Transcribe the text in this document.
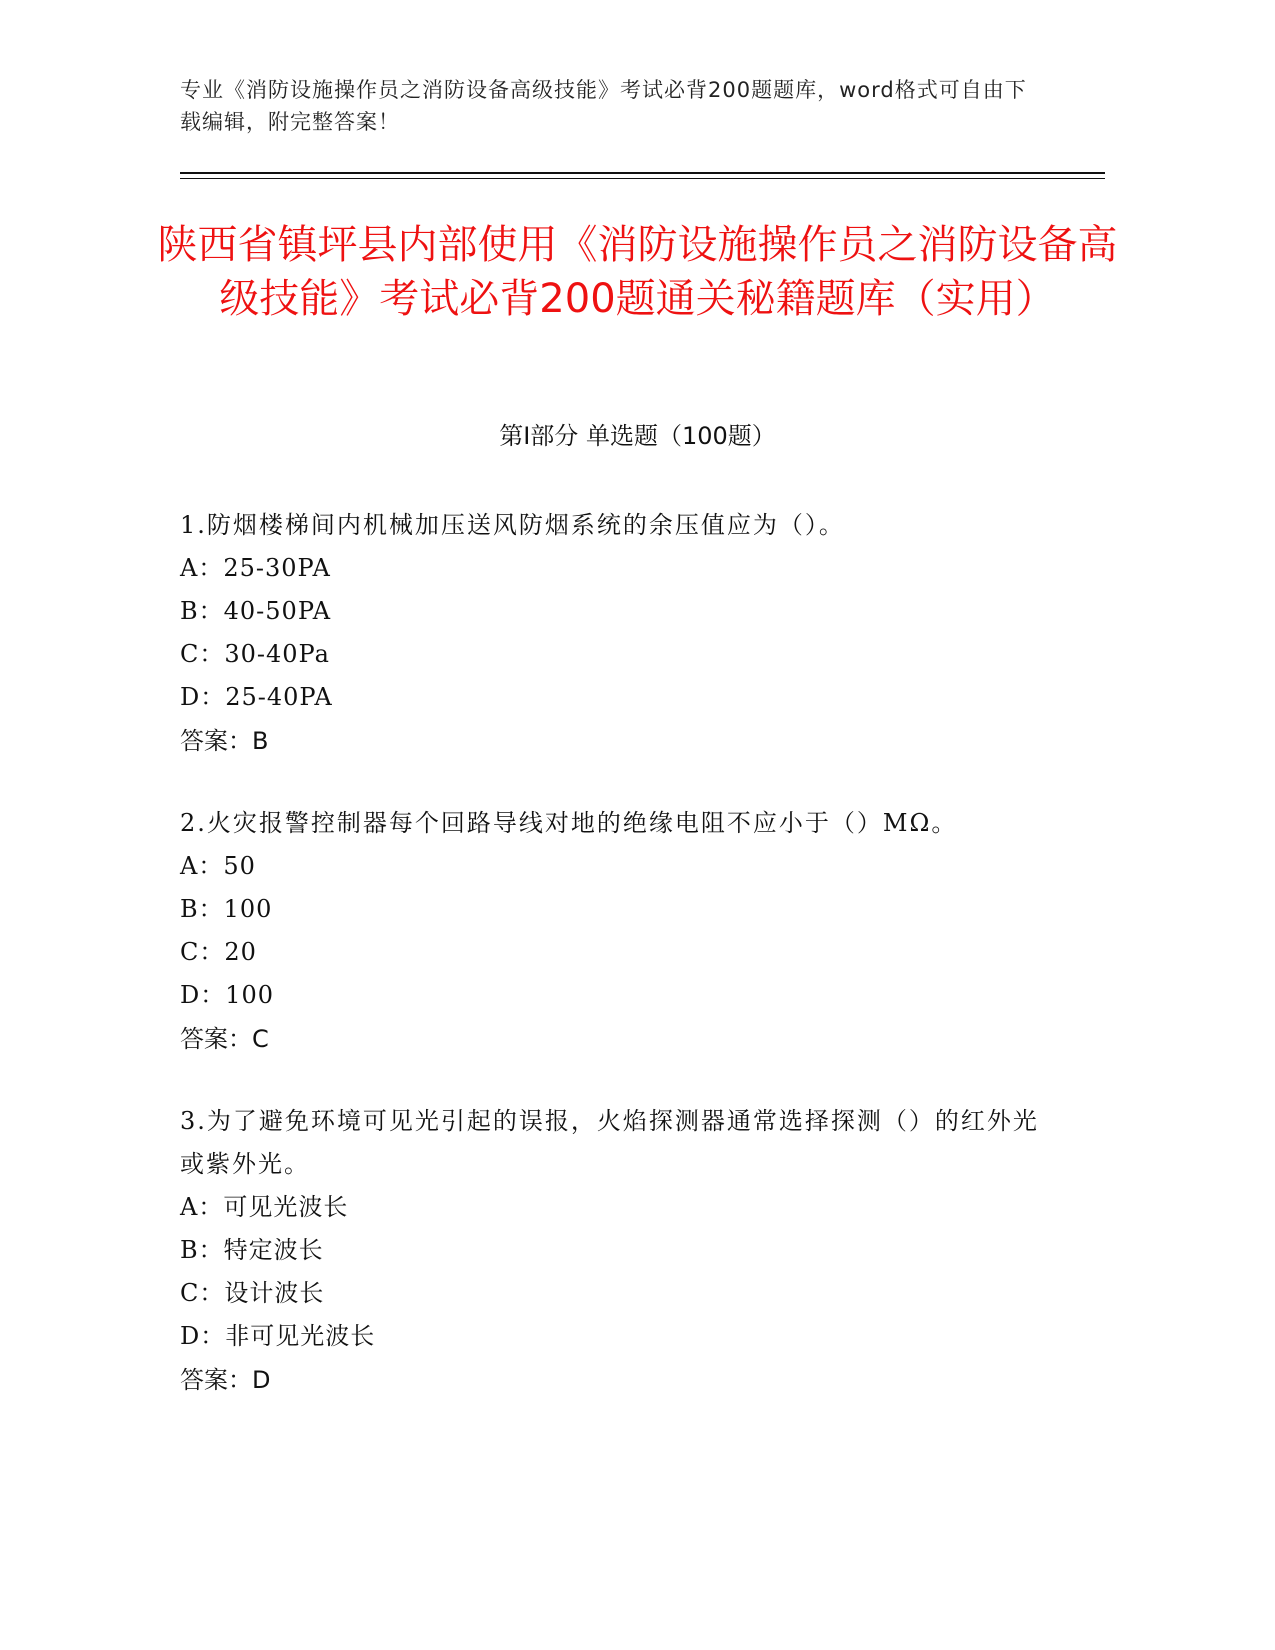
专业《消防设施操作员之消防设备高级技能》考试必背200题题库，word格式可自由下载编辑，附完整答案！
陕西省镇坪县内部使用《消防设施操作员之消防设备高级技能》考试必背200题通关秘籍题库（实用）
第Ⅰ部分 单选题（100题）
1.防烟楼梯间内机械加压送风防烟系统的余压值应为（）。
A：25-30PA
B：40-50PA
C：30-40Pa
D：25-40PA
答案：B
2.火灾报警控制器每个回路导线对地的绝缘电阻不应小于（）MΩ。
A：50
B：100
C：20
D：100
答案：C
3.为了避免环境可见光引起的误报，火焰探测器通常选择探测（）的红外光或紫外光。
A：可见光波长
B：特定波长
C：设计波长
D：非可见光波长
答案：D
